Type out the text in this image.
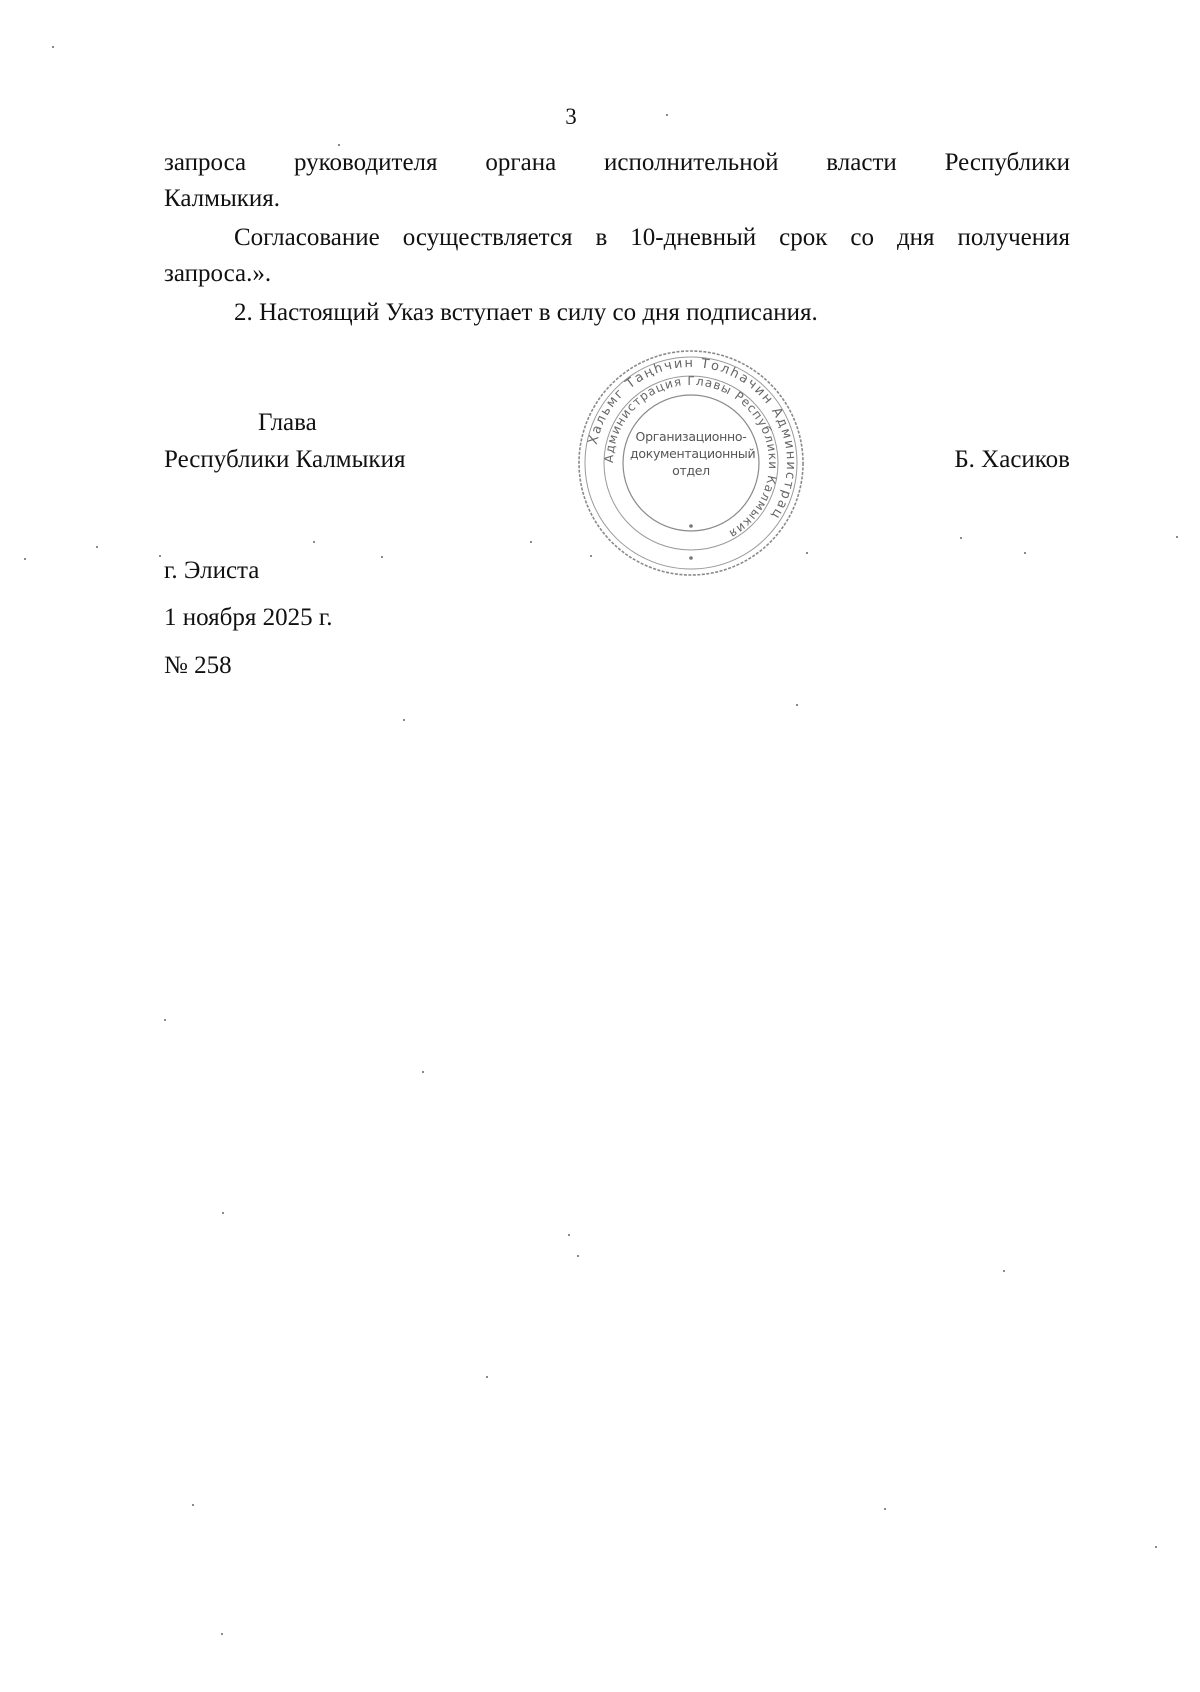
3
запроса руководителя органа исполнительной власти Республики
Калмыкия.
Согласование осуществляется в 10-дневный срок со дня получения
запроса.».
2. Настоящий Указ вступает в силу со дня подписания.
Глава
Республики Калмыкия	Б. Хасиков
Хальмг Таңһчин Толһачин Администрац
Администрация Главы Республики Калмыкия
Организационно-
документационный
отдел
г. Элиста
1 ноября 2025 г.
№ 258
